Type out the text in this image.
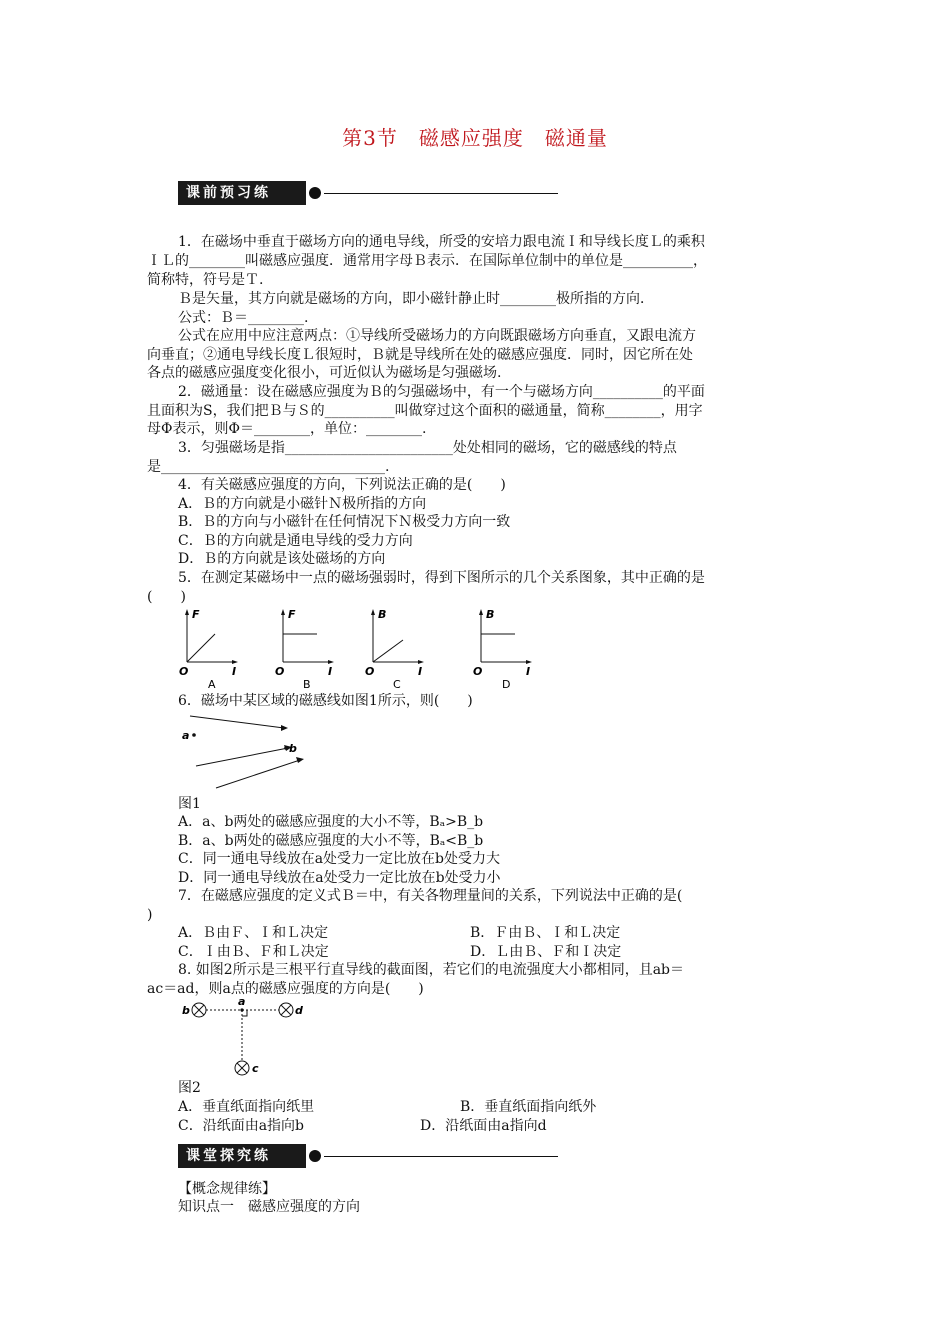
第3节　磁感应强度　磁通量
课前预习练
1．在磁场中垂直于磁场方向的通电导线，所受的安培力跟电流Ｉ和导线长度Ｌ的乘积
ＩＬ的________叫磁感应强度．通常用字母Ｂ表示．在国际单位制中的单位是__________，
简称特，符号是Ｔ.
Ｂ是矢量，其方向就是磁场的方向，即小磁针静止时________极所指的方向．
公式：Ｂ＝________.
公式在应用中应注意两点：①导线所受磁场力的方向既跟磁场方向垂直，又跟电流方
向垂直；②通电导线长度Ｌ很短时，Ｂ就是导线所在处的磁感应强度．同时，因它所在处
各点的磁感应强度变化很小，可近似认为磁场是匀强磁场.
2．磁通量：设在磁感应强度为Ｂ的匀强磁场中，有一个与磁场方向__________的平面
且面积为S，我们把Ｂ与Ｓ的__________叫做穿过这个面积的磁通量，简称________，用字
母Φ表示，则Φ＝________，单位：________.
3．匀强磁场是指________________________处处相同的磁场，它的磁感线的特点
是________________________________.
4．有关磁感应强度的方向，下列说法正确的是(　　)
A．Ｂ的方向就是小磁针Ｎ极所指的方向
B．Ｂ的方向与小磁针在任何情况下Ｎ极受力方向一致
C．Ｂ的方向就是通电导线的受力方向
D．Ｂ的方向就是该处磁场的方向
5．在测定某磁场中一点的磁场强弱时，得到下图所示的几个关系图象，其中正确的是
(　　)
F
O	I
A
F
O	I
B
B
O	I
C
B
O	I
D
6．磁场中某区域的磁感线如图1所示，则(　　)
a
b
图1
A．a、b两处的磁感应强度的大小不等，Bₐ>B_b
B．a、b两处的磁感应强度的大小不等，Bₐ<B_b
C．同一通电导线放在a处受力一定比放在b处受力大
D．同一通电导线放在a处受力一定比放在b处受力小
7．在磁感应强度的定义式Ｂ＝中，有关各物理量间的关系，下列说法中正确的是(
)
A．Ｂ由Ｆ、Ｉ和Ｌ决定	B．Ｆ由Ｂ、Ｉ和Ｌ决定
C．Ｉ由Ｂ、Ｆ和Ｌ决定	D．Ｌ由Ｂ、Ｆ和Ｉ决定
8. 如图2所示是三根平行直导线的截面图，若它们的电流强度大小都相同，且ab＝
ac＝ad，则a点的磁感应强度的方向是(　　)
b	d
c
a
图2
A．垂直纸面指向纸里	B．垂直纸面指向纸外
C．沿纸面由a指向b	D．沿纸面由a指向d
课堂探究练
【概念规律练】
知识点一　磁感应强度的方向
